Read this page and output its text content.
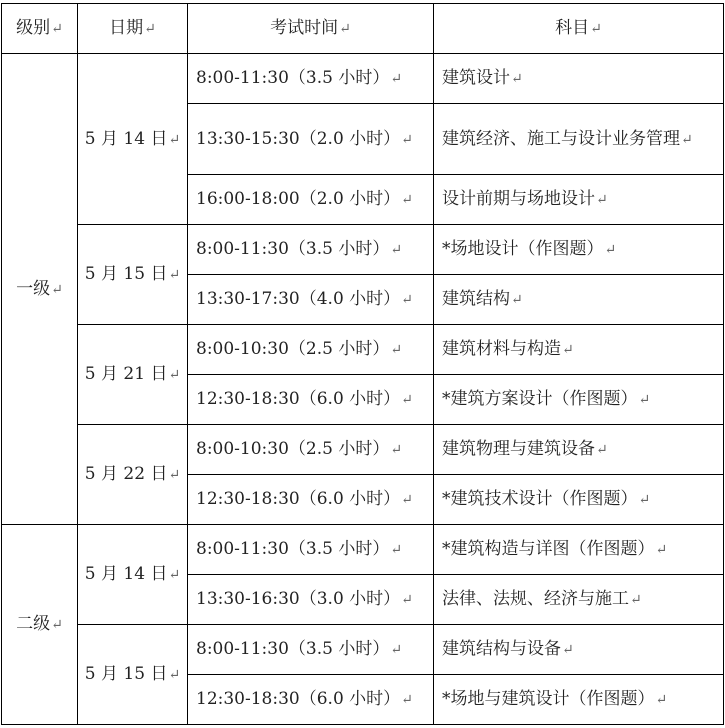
级别↵	日期↵	考试时间↵	科目↵
一级↵	5 月 14 日↵	8:00-11:30（3.5 小时）↵	建筑设计↵
		13:30-15:30（2.0 小时）↵	建筑经济、施工与设计业务管理↵
		16:00-18:00（2.0 小时）↵	设计前期与场地设计↵
	5 月 15 日↵	8:00-11:30（3.5 小时）↵	*场地设计（作图题）↵
		13:30-17:30（4.0 小时）↵	建筑结构↵
	5 月 21 日↵	8:00-10:30（2.5 小时）↵	建筑材料与构造↵
		12:30-18:30（6.0 小时）↵	*建筑方案设计（作图题）↵
	5 月 22 日↵	8:00-10:30（2.5 小时）↵	建筑物理与建筑设备↵
		12:30-18:30（6.0 小时）↵	*建筑技术设计（作图题）↵
二级↵	5 月 14 日↵	8:00-11:30（3.5 小时）↵	*建筑构造与详图（作图题）↵
		13:30-16:30（3.0 小时）↵	法律、法规、经济与施工↵
	5 月 15 日↵	8:00-11:30（3.5 小时）↵	建筑结构与设备↵
		12:30-18:30（6.0 小时）↵	*场地与建筑设计（作图题）↵
